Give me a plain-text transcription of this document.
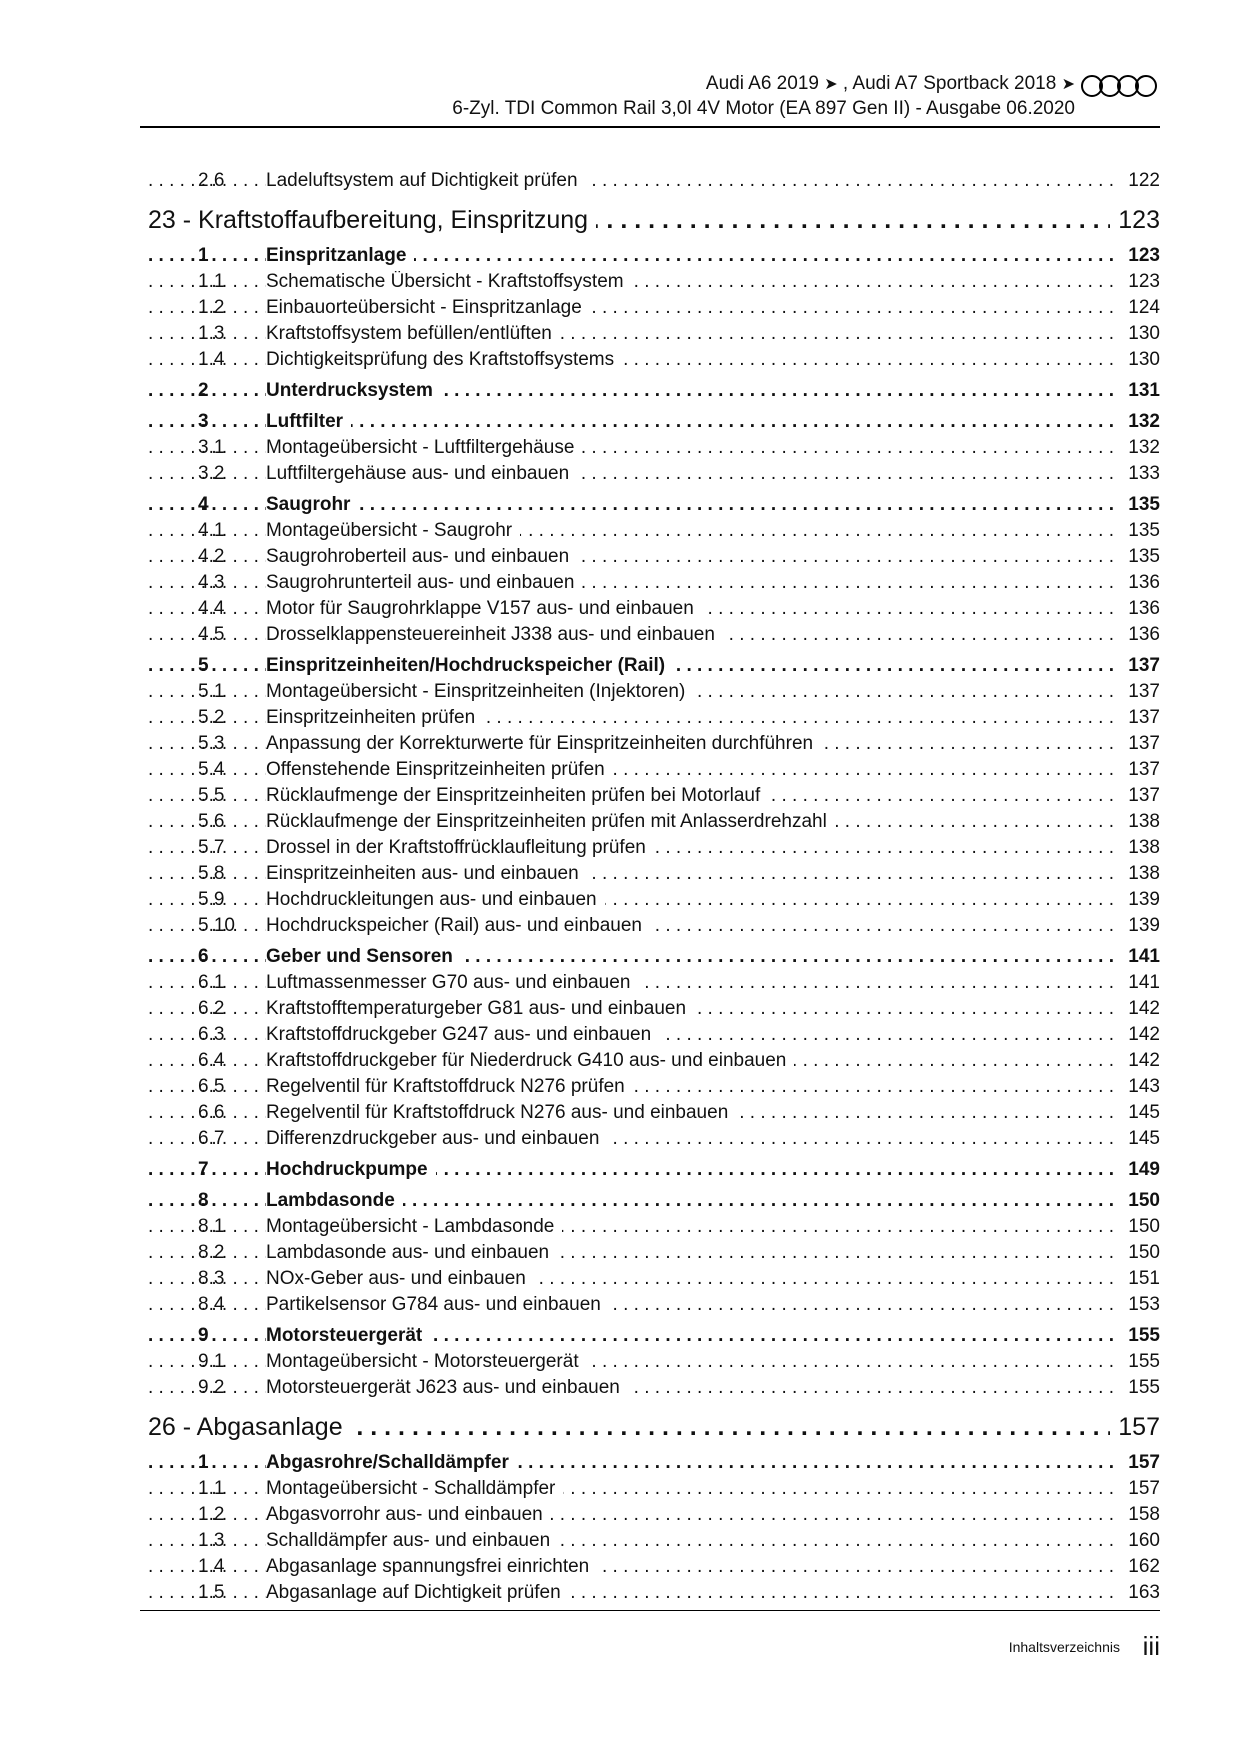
Audi A6 2019 ➤ , Audi A7 Sportback 2018 ➤
6-Zyl. TDI Common Rail 3,0l 4V Motor (EA 897 Gen II) - Ausgabe 06.2020
2.6 . . . Ladeluftsystem auf Dichtigkeit prüfen	122
. . .
23 - Kraftstoffaufbereitung, Einspritzung	123
1 . . .	Einspritzanlage	123
1.1 . . . Schematische Übersicht - Kraftstoffsystem	123
1.2 . . . Einbauorteübersicht - Einspritzanlage	124
1.3 . . . Kraftstoffsystem befüllen/entlüften	130
1.4 . . . Dichtigkeitsprüfung des Kraftstoffsystems	130
2 . . .	Unterdrucksystem	131
3 . . .	Luftfilter	132
3.1 . . . Montageübersicht - Luftfiltergehäuse	132
3.2 . . . Luftfiltergehäuse aus- und einbauen	133
4 . . .	Saugrohr	135
4.1 . . . Montageübersicht - Saugrohr	135
4.2 . . . Saugrohroberteil aus- und einbauen	135
4.3 . . . Saugrohrunterteil aus- und einbauen	136
4.4 . . . Motor für Saugrohrklappe V157 aus- und einbauen	136
4.5 . . . Drosselklappensteuereinheit J338 aus- und einbauen	136
5 . . .	Einspritzeinheiten/Hochdruckspeicher (Rail)	137
5.1 . . . Montageübersicht - Einspritzeinheiten (Injektoren)	137
5.2 . . . Einspritzeinheiten prüfen	137
5.3 . . . Anpassung der Korrekturwerte für Einspritzeinheiten durchführen	137
5.4 . . . Offenstehende Einspritzeinheiten prüfen	137
5.5 . . . Rücklaufmenge der Einspritzeinheiten prüfen bei Motorlauf	137
5.6 . . . Rücklaufmenge der Einspritzeinheiten prüfen mit Anlasserdrehzahl	138
5.7 . . . Drossel in der Kraftstoffrücklaufleitung prüfen	138
5.8 . . . Einspritzeinheiten aus- und einbauen	138
5.9 . . . Hochdruckleitungen aus- und einbauen	139
5.10 . . . Hochdruckspeicher (Rail) aus- und einbauen	139
6 . . .	Geber und Sensoren	141
6.1 . . . Luftmassenmesser G70 aus- und einbauen	141
6.2 . . . Kraftstofftemperaturgeber G81 aus- und einbauen	142
6.3 . . . Kraftstoffdruckgeber G247 aus- und einbauen	142
6.4 . . . Kraftstoffdruckgeber für Niederdruck G410 aus- und einbauen	142
6.5 . . . Regelventil für Kraftstoffdruck N276 prüfen	143
6.6 . . . Regelventil für Kraftstoffdruck N276 aus- und einbauen	145
6.7 . . . Differenzdruckgeber aus- und einbauen	145
7 . . .	Hochdruckpumpe	149
8 . . .	Lambdasonde	150
8.1 . . . Montageübersicht - Lambdasonde	150
8.2 . . . Lambdasonde aus- und einbauen	150
8.3 . . . NOx-Geber aus- und einbauen	151
8.4 . . . Partikelsensor G784 aus- und einbauen	153
9 . . .	Motorsteuergerät	155
9.1 . . . Montageübersicht - Motorsteuergerät	155
9.2 . . . Motorsteuergerät J623 aus- und einbauen	155
. . .
26 - Abgasanlage	157
1 . . .	Abgasrohre/Schalldämpfer	157
1.1 . . . Montageübersicht - Schalldämpfer	157
1.2 . . . Abgasvorrohr aus- und einbauen	158
1.3 . . . Schalldämpfer aus- und einbauen	160
1.4 . . . Abgasanlage spannungsfrei einrichten	162
1.5 . . . Abgasanlage auf Dichtigkeit prüfen	163
Inhaltsverzeichnis iii
